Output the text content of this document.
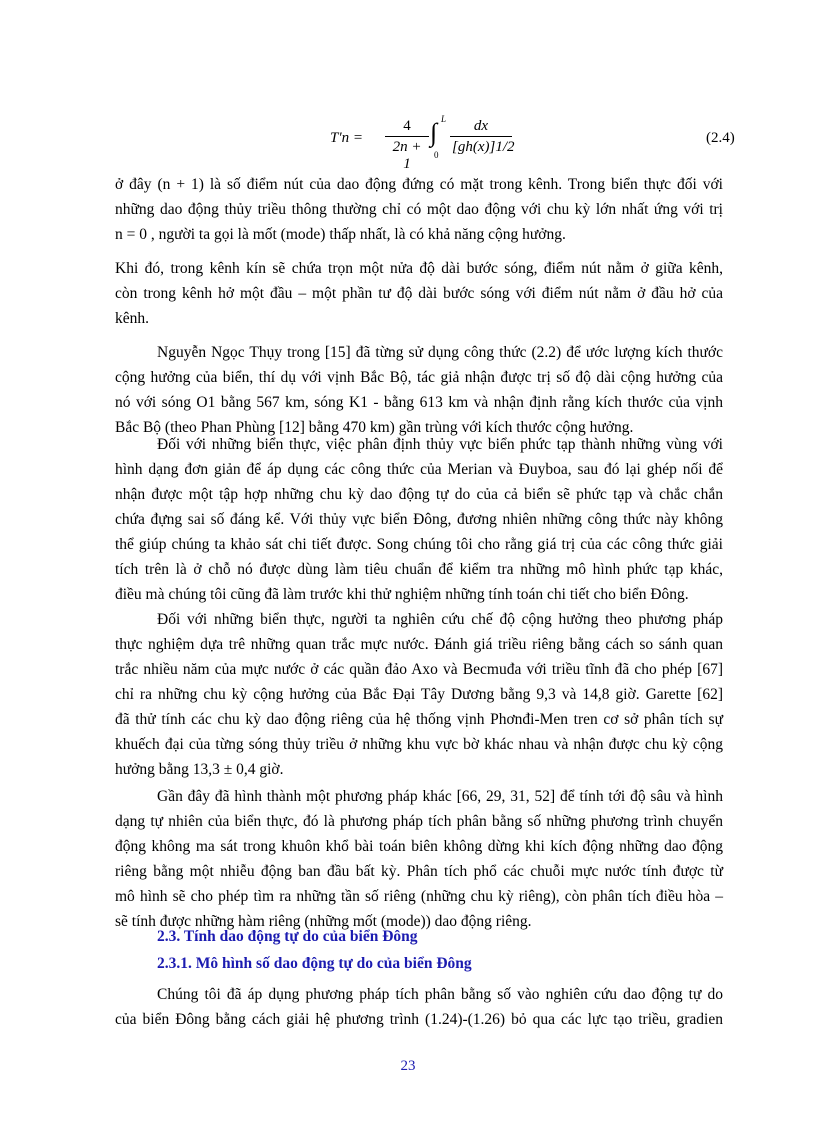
T′n =
4
2n + 1
∫ L
0
dx
[gh(x)]1/2
(2.4)
ở đây (n + 1) là số điểm nút của dao động đứng có mặt trong kênh. Trong biển thực đối với
những dao động thủy triều thông thường chỉ có một dao động với chu kỳ lớn nhất ứng với trị
n = 0 , người ta gọi là mốt (mode) thấp nhất, là có khả năng cộng hưởng.
Khi đó, trong kênh kín sẽ chứa trọn một nửa độ dài bước sóng, điểm nút nằm ở giữa kênh,
còn trong kênh hở một đầu – một phần tư độ dài bước sóng với điểm nút nằm ở đầu hở của
kênh.
Nguyễn Ngọc Thụy trong [15] đã từng sử dụng công thức (2.2) để ước lượng kích thước
cộng hưởng của biển, thí dụ với vịnh Bắc Bộ, tác giả nhận được trị số độ dài cộng hưởng của
nó với sóng O1 bằng 567 km, sóng K1 - bằng 613 km và nhận định rằng kích thước của vịnh
Bắc Bộ (theo Phan Phùng [12] bằng 470 km) gần trùng với kích thước cộng hưởng.
Đối với những biển thực, việc phân định thủy vực biển phức tạp thành những vùng với
hình dạng đơn giản để áp dụng các công thức của Merian và Đuyboa, sau đó lại ghép nối để
nhận được một tập hợp những chu kỳ dao động tự do của cả biển sẽ phức tạp và chắc chắn
chứa đựng sai số đáng kể. Với thủy vực biển Đông, đương nhiên những công thức này không
thể giúp chúng ta khảo sát chi tiết được. Song chúng tôi cho rằng giá trị của các công thức giải
tích trên là ở chỗ nó được dùng làm tiêu chuẩn để kiểm tra những mô hình phức tạp khác,
điều mà chúng tôi cũng đã làm trước khi thử nghiệm những tính toán chi tiết cho biển Đông.
Đối với những biển thực, người ta nghiên cứu chế độ cộng hưởng theo phương pháp
thực nghiệm dựa trê những quan trắc mực nước. Đánh giá triều riêng bằng cách so sánh quan
trắc nhiều năm của mực nước ở các quần đảo Axo và Becmuđa với triều tĩnh đã cho phép [67]
chỉ ra những chu kỳ cộng hưởng của Bắc Đại Tây Dương bằng 9,3 và 14,8 giờ. Garette [62]
đã thử tính các chu kỳ dao động riêng của hệ thống vịnh Phơnđi-Men tren cơ sở phân tích sự
khuếch đại của từng sóng thủy triều ở những khu vực bờ khác nhau và nhận được chu kỳ cộng
hưởng bằng 13,3 ± 0,4 giờ.
Gần đây đã hình thành một phương pháp khác [66, 29, 31, 52] để tính tới độ sâu và hình
dạng tự nhiên của biển thực, đó là phương pháp tích phân bằng số những phương trình chuyển
động không ma sát trong khuôn khổ bài toán biên không dừng khi kích động những dao động
riêng bằng một nhiễu động ban đầu bất kỳ. Phân tích phổ các chuỗi mực nước tính được từ
mô hình sẽ cho phép tìm ra những tần số riêng (những chu kỳ riêng), còn phân tích điều hòa –
sẽ tính được những hàm riêng (những mốt (mode)) dao động riêng.
2.3. Tính dao động tự do của biển Đông
2.3.1. Mô hình số dao động tự do của biển Đông
Chúng tôi đã áp dụng phương pháp tích phân bằng số vào nghiên cứu dao động tự do
của biển Đông bằng cách giải hệ phương trình (1.24)-(1.26) bỏ qua các lực tạo triều, gradien
23
